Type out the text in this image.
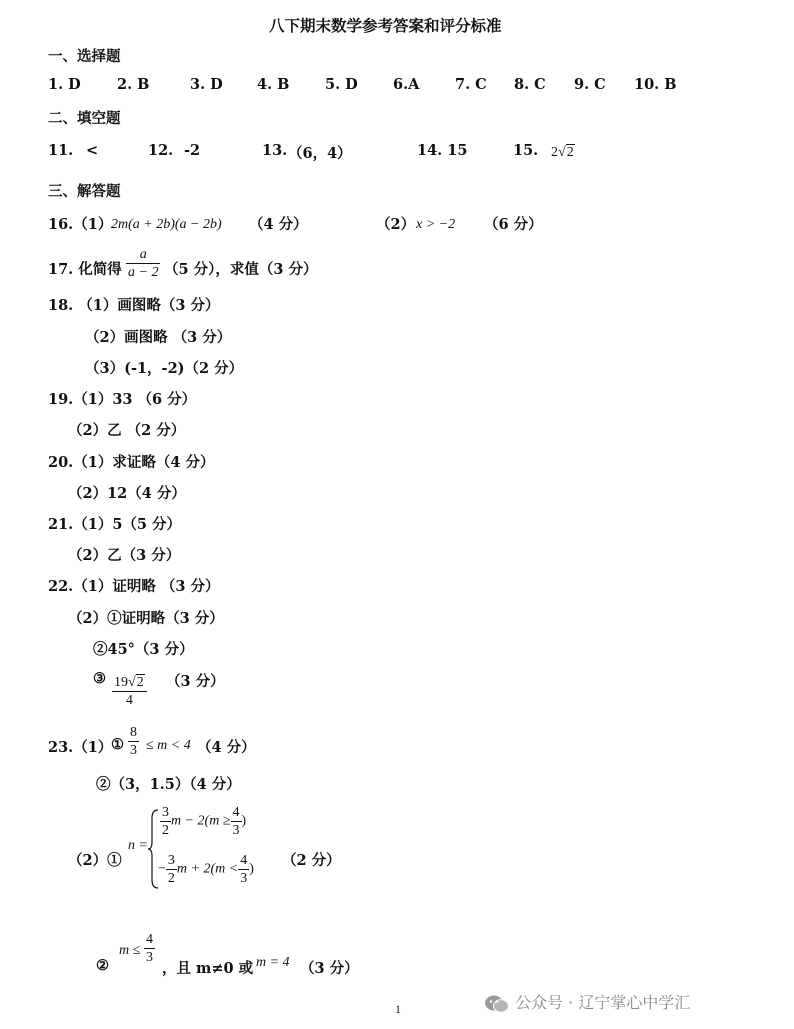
八下期末数学参考答案和评分标准
一、选择题
1. D 2. B	3. D 4. B 5. D 6.A 7. C 8. C 9. C 10. B
二、填空题
11. <	12. -2	13. （6，4）	14. 15	15. 2√2
三、解答题
16.（1）
2m(a + 2b)(a − 2b) （4 分）	（2） x > −2 （6 分）
17. 化简得 $\frac{a}{a - 2} (5$ 分），求值（3 分）
18. （1）画图略（3 分）
（2）画图略 （3 分）
（3）(-1，-2)（2 分）
19.（1）33 （6 分）
（2）乙 （2 分）
20.（1）求证略（4 分）
（2）12（4 分）
21.（1）5（5 分）
（2）乙（3 分）
22.（1）证明略 （3 分）
（2）①证明略（3 分）
②45°（3 分）
③ $\frac{19√2}{4} (3$ 分）
23.（1）
① $\frac{8}{3} \le m < 4$ （4 分）
②（3，1.5）（4 分）
（2）①
n =
$\frac{3}{2}$ $m - 2(m \ge \frac{4}{3}$ )
− $\frac{3}{2}$ $m + 2(m < \frac{4}{3}$ )
（2 分）
②
$m \le \frac{4}{3}$
，且 m≠0 或 m = 4 （3 分）
1	公众号 · 辽宁掌心中学汇
